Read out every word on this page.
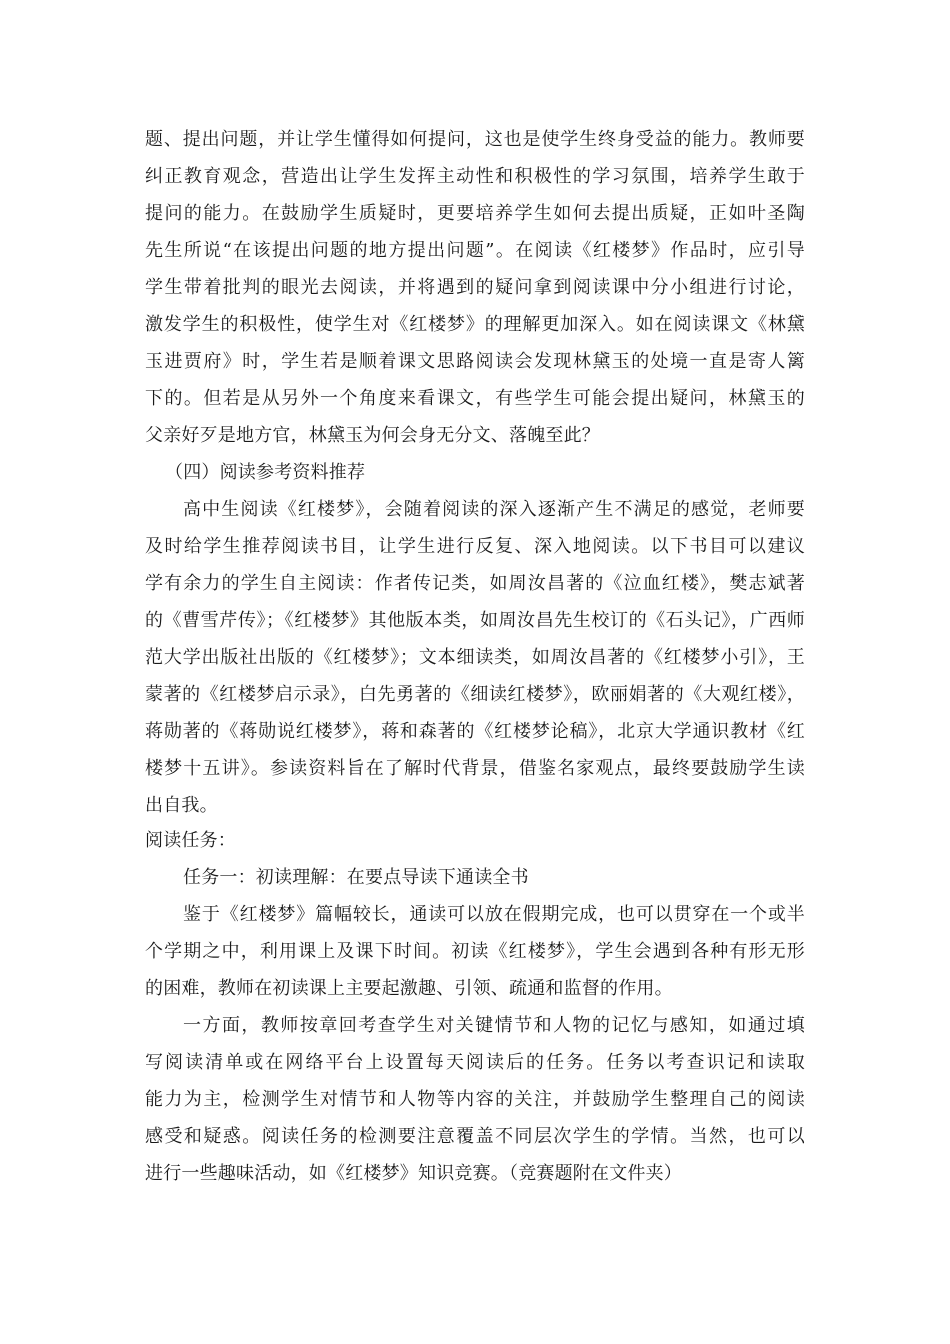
题、提出问题，并让学生懂得如何提问，这也是使学生终身受益的能力。教师要
纠正教育观念，营造出让学生发挥主动性和积极性的学习氛围，培养学生敢于
提问的能力。在鼓励学生质疑时，更要培养学生如何去提出质疑，正如叶圣陶
先生所说“在该提出问题的地方提出问题”。在阅读《红楼梦》作品时，应引导
学生带着批判的眼光去阅读，并将遇到的疑问拿到阅读课中分小组进行讨论，
激发学生的积极性，使学生对《红楼梦》的理解更加深入。如在阅读课文《林黛
玉进贾府》时，学生若是顺着课文思路阅读会发现林黛玉的处境一直是寄人篱
下的。但若是从另外一个角度来看课文，有些学生可能会提出疑问，林黛玉的
父亲好歹是地方官，林黛玉为何会身无分文、落魄至此？
（四）阅读参考资料推荐
高中生阅读《红楼梦》，会随着阅读的深入逐渐产生不满足的感觉，老师要
及时给学生推荐阅读书目，让学生进行反复、深入地阅读。以下书目可以建议
学有余力的学生自主阅读：作者传记类，如周汝昌著的《泣血红楼》，樊志斌著
的《曹雪芹传》；《红楼梦》其他版本类，如周汝昌先生校订的《石头记》，广西师
范大学出版社出版的《红楼梦》；文本细读类，如周汝昌著的《红楼梦小引》，王
蒙著的《红楼梦启示录》，白先勇著的《细读红楼梦》，欧丽娟著的《大观红楼》，
蒋勋著的《蒋勋说红楼梦》，蒋和森著的《红楼梦论稿》，北京大学通识教材《红
楼梦十五讲》。参读资料旨在了解时代背景，借鉴名家观点，最终要鼓励学生读
出自我。
阅读任务：
任务一：初读理解：在要点导读下通读全书
鉴于《红楼梦》篇幅较长，通读可以放在假期完成，也可以贯穿在一个或半
个学期之中，利用课上及课下时间。初读《红楼梦》，学生会遇到各种有形无形
的困难，教师在初读课上主要起激趣、引领、疏通和监督的作用。
一方面，教师按章回考查学生对关键情节和人物的记忆与感知，如通过填
写阅读清单或在网络平台上设置每天阅读后的任务。任务以考查识记和读取
能力为主，检测学生对情节和人物等内容的关注，并鼓励学生整理自己的阅读
感受和疑惑。阅读任务的检测要注意覆盖不同层次学生的学情。当然，也可以
进行一些趣味活动，如《红楼梦》知识竞赛。（竞赛题附在文件夹）
